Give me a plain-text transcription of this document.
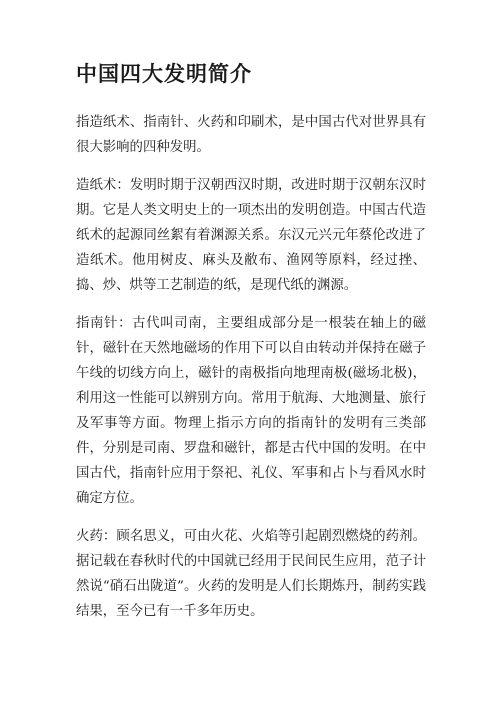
中国四大发明简介

指造纸术、指南针、火药和印刷术，是中国古代对世界具有很大影响的四种发明。

造纸术：发明时期于汉朝西汉时期，改进时期于汉朝东汉时期。它是人类文明史上的一项杰出的发明创造。中国古代造纸术的起源同丝絮有着渊源关系。东汉元兴元年蔡伦改进了造纸术。他用树皮、麻头及敝布、渔网等原料，经过挫、捣、炒、烘等工艺制造的纸，是现代纸的渊源。

指南针：古代叫司南，主要组成部分是一根装在轴上的磁针，磁针在天然地磁场的作用下可以自由转动并保持在磁子午线的切线方向上，磁针的南极指向地理南极(磁场北极)，利用这一性能可以辨别方向。常用于航海、大地测量、旅行及军事等方面。物理上指示方向的指南针的发明有三类部件，分别是司南、罗盘和磁针，都是古代中国的发明。在中国古代，指南针应用于祭祀、礼仪、军事和占卜与看风水时确定方位。

火药：顾名思义，可由火花、火焰等引起剧烈燃烧的药剂。据记载在春秋时代的中国就已经用于民间民生应用，范子计然说“硝石出陇道”。火药的发明是人们长期炼丹，制药实践结果，至今已有一千多年历史。
